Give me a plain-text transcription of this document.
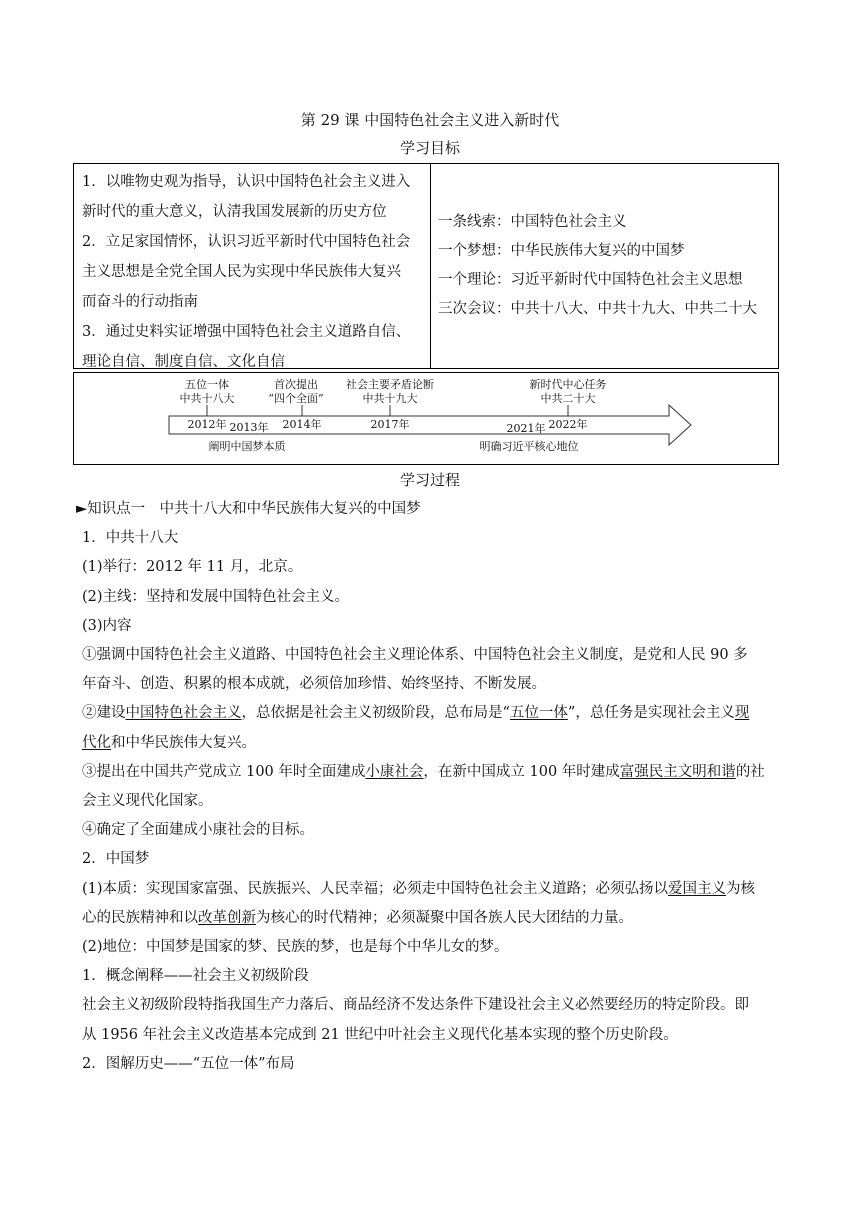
第 29 课 中国特色社会主义进入新时代
学习目标
1．以唯物史观为指导，认识中国特色社会主义进入
新时代的重大意义，认清我国发展新的历史方位
2．立足家国情怀，认识习近平新时代中国特色社会
主义思想是全党全国人民为实现中华民族伟大复兴
而奋斗的行动指南
3．通过史料实证增强中国特色社会主义道路自信、
理论自信、制度自信、文化自信
一条线索：中国特色社会主义
一个梦想：中华民族伟大复兴的中国梦
一个理论：习近平新时代中国特色社会主义思想
三次会议：中共十八大、中共十九大、中共二十大
五位一体
中共十八大
首次提出
“四个全面”
社会主要矛盾论断
中共十九大
新时代中心任务
中共二十大
2012年 2013年 2014年	2017年	2021年 2022年
阐明中国梦本质	明确习近平核心地位
学习过程

►知识点一　中共十八大和中华民族伟大复兴的中国梦

1．中共十八大

(1)举行：2012 年 11 月，北京。

(2)主线：坚持和发展中国特色社会主义。

(3)内容

①强调中国特色社会主义道路、中国特色社会主义理论体系、中国特色社会主义制度，是党和人民 90 多

年奋斗、创造、积累的根本成就，必须倍加珍惜、始终坚持、不断发展。

②建设中国特色社会主义，总依据是社会主义初级阶段，总布局是“五位一体”，总任务是实现社会主义现

代化和中华民族伟大复兴。

③提出在中国共产党成立 100 年时全面建成小康社会，在新中国成立 100 年时建成富强民主文明和谐的社

会主义现代化国家。

④确定了全面建成小康社会的目标。

2．中国梦

(1)本质：实现国家富强、民族振兴、人民幸福；必须走中国特色社会主义道路；必须弘扬以爱国主义为核

心的民族精神和以改革创新为核心的时代精神；必须凝聚中国各族人民大团结的力量。

(2)地位：中国梦是国家的梦、民族的梦，也是每个中华儿女的梦。

1．概念阐释——社会主义初级阶段

社会主义初级阶段特指我国生产力落后、商品经济不发达条件下建设社会主义必然要经历的特定阶段。即

从 1956 年社会主义改造基本完成到 21 世纪中叶社会主义现代化基本实现的整个历史阶段。

2．图解历史——“五位一体”布局
